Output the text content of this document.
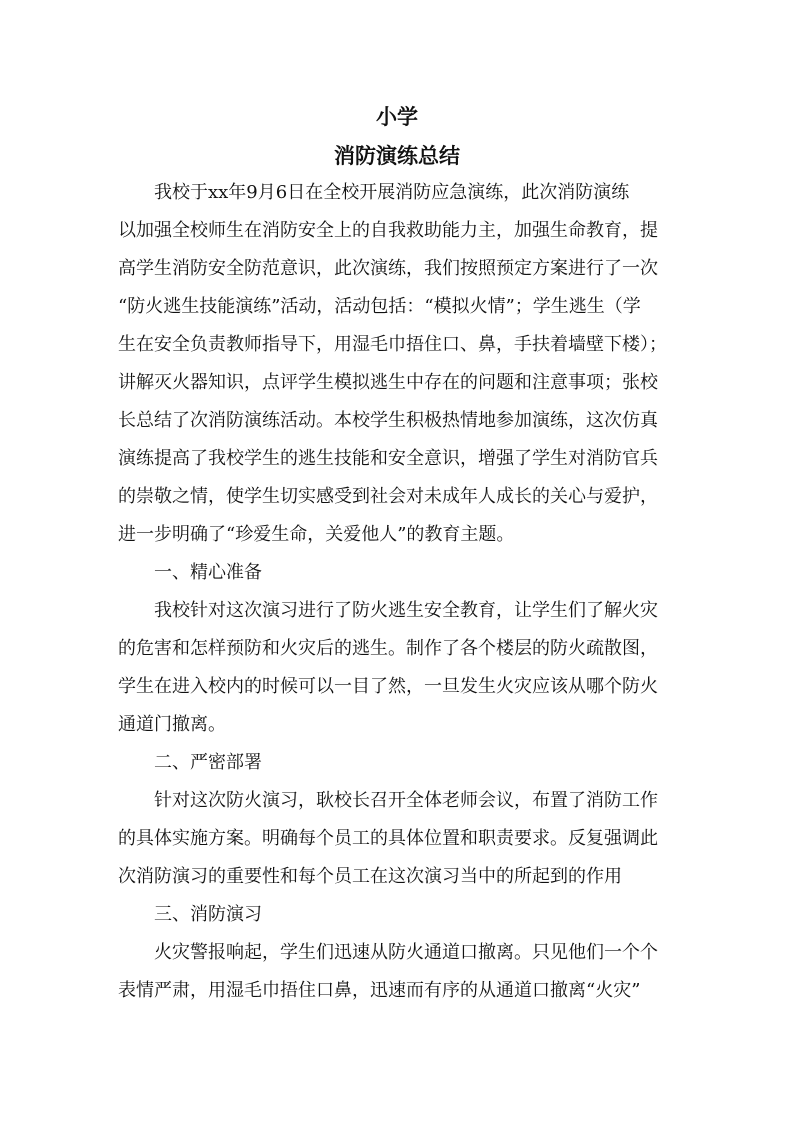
小学
消防演练总结

我校于xx年9月6日在全校开展消防应急演练，此次消防演练

以加强全校师生在消防安全上的自我救助能力主，加强生命教育，提

高学生消防安全防范意识，此次演练，我们按照预定方案进行了一次

“防火逃生技能演练”活动，活动包括：“模拟火情”；学生逃生（学

生在安全负责教师指导下，用湿毛巾捂住口、鼻，手扶着墙壁下楼）；

讲解灭火器知识，点评学生模拟逃生中存在的问题和注意事项；张校

长总结了次消防演练活动。本校学生积极热情地参加演练，这次仿真

演练提高了我校学生的逃生技能和安全意识，增强了学生对消防官兵

的崇敬之情，使学生切实感受到社会对未成年人成长的关心与爱护，

进一步明确了“珍爱生命，关爱他人”的教育主题。

一、精心准备

我校针对这次演习进行了防火逃生安全教育，让学生们了解火灾

的危害和怎样预防和火灾后的逃生。制作了各个楼层的防火疏散图，

学生在进入校内的时候可以一目了然，一旦发生火灾应该从哪个防火

通道门撤离。

二、严密部署

针对这次防火演习，耿校长召开全体老师会议，布置了消防工作

的具体实施方案。明确每个员工的具体位置和职责要求。反复强调此

次消防演习的重要性和每个员工在这次演习当中的所起到的作用

三、消防演习

火灾警报响起，学生们迅速从防火通道口撤离。只见他们一个个

表情严肃，用湿毛巾捂住口鼻，迅速而有序的从通道口撤离“火灾”
